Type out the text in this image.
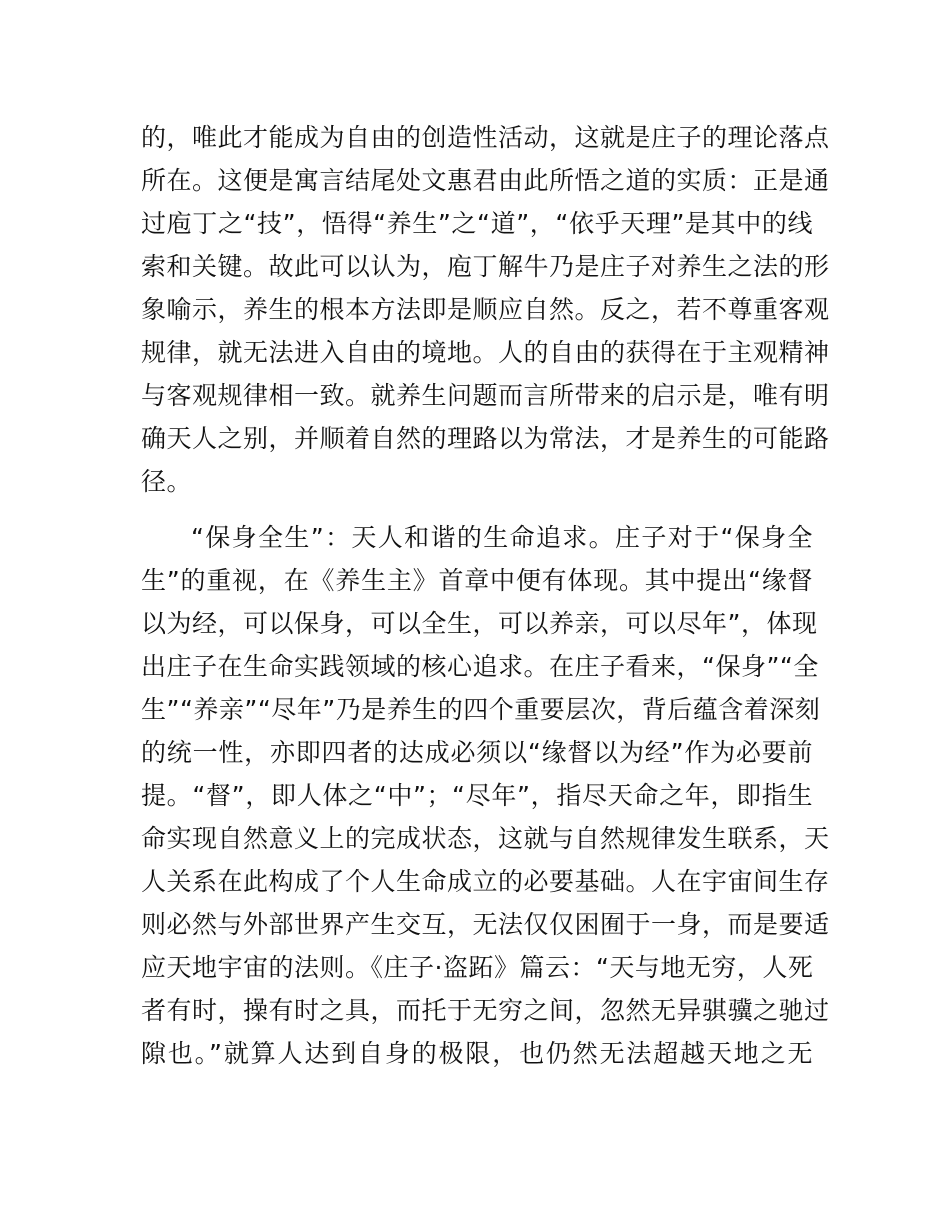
的，唯此才能成为自由的创造性活动，这就是庄子的理论落点
所在。这便是寓言结尾处文惠君由此所悟之道的实质：正是通
过庖丁之“技”，悟得“养生”之“道”，“依乎天理”是其中的线
索和关键。故此可以认为，庖丁解牛乃是庄子对养生之法的形
象喻示，养生的根本方法即是顺应自然。反之，若不尊重客观
规律，就无法进入自由的境地。人的自由的获得在于主观精神
与客观规律相一致。就养生问题而言所带来的启示是，唯有明
确天人之别，并顺着自然的理路以为常法，才是养生的可能路
径。
“保身全生”：天人和谐的生命追求。庄子对于“保身全
生”的重视，在《养生主》首章中便有体现。其中提出“缘督
以为经，可以保身，可以全生，可以养亲，可以尽年”，体现
出庄子在生命实践领域的核心追求。在庄子看来，“保身”“全
生”“养亲”“尽年”乃是养生的四个重要层次，背后蕴含着深刻
的统一性，亦即四者的达成必须以“缘督以为经”作为必要前
提。“督”，即人体之“中”；“尽年”，指尽天命之年，即指生
命实现自然意义上的完成状态，这就与自然规律发生联系，天
人关系在此构成了个人生命成立的必要基础。人在宇宙间生存
则必然与外部世界产生交互，无法仅仅困囿于一身，而是要适
应天地宇宙的法则。《庄子·盗跖》篇云：“天与地无穷，人死
者有时，操有时之具，而托于无穷之间，忽然无异骐骥之驰过
隙也。”就算人达到自身的极限，也仍然无法超越天地之无
